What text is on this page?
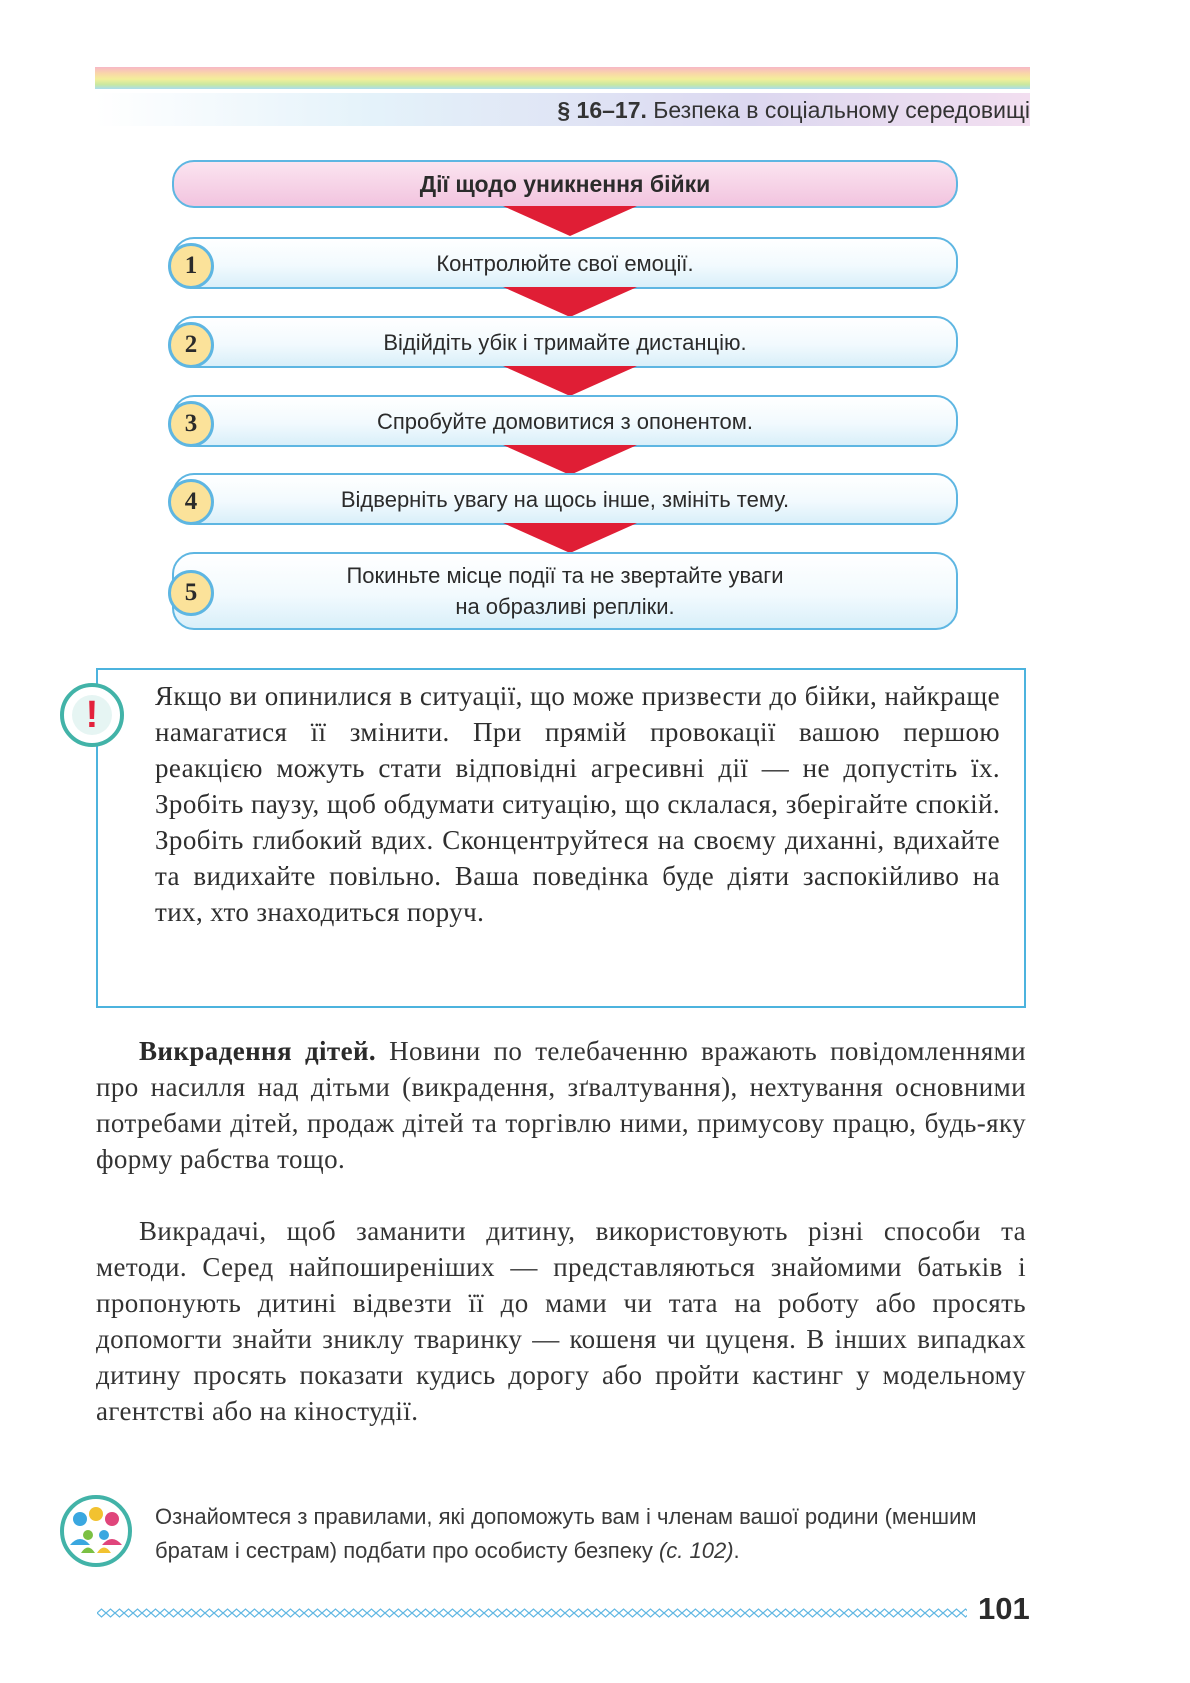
§ 16–17. Безпека в соціальному середовищі
Дії щодо уникнення бійки
1	Контролюйте свої емоції.
2	Відійдіть убік і тримайте дистанцію.
3	Спробуйте домовитися з опонентом.
4	Відверніть увагу на щось інше, змініть тему.
5
Покиньте місце події та не звертайте уваги
на образливі репліки.
!	Якщо ви опинилися в ситуації, що може призвести до бійки, найкраще намагатися її змінити. При прямій провокації вашою першою реакцією можуть стати відповідні агресивні дії — не допустіть їх. Зробіть паузу, щоб обдумати ситуацію, що склалася, зберігайте спокій. Зробіть глибокий вдих. Сконцентруйтеся на своєму диханні, вдихайте та видихайте повільно. Ваша поведінка буде діяти заспокійливо на тих, хто знаходиться поруч.
Викрадення дітей. Новини по телебаченню вражають повідомленнями про насилля над дітьми (викрадення, зґвалтування), нехтування основними потребами дітей, продаж дітей та торгівлю ними, примусову працю, будь-яку форму рабства тощо.
Викрадачі, щоб заманити дитину, використовують різні способи та методи. Серед найпоширеніших — представляються знайомими батьків і пропонують дитині відвезти її до мами чи тата на роботу або просять допомогти знайти зниклу тваринку — кошеня чи цуценя. В інших випадках дитину просять показати кудись дорогу або пройти кастинг у модельному агентстві або на кіностудії.
Ознайомтеся з правилами, які допоможуть вам і членам вашої родини (меншим братам і сестрам) подбати про особисту безпеку (с. 102).
101
